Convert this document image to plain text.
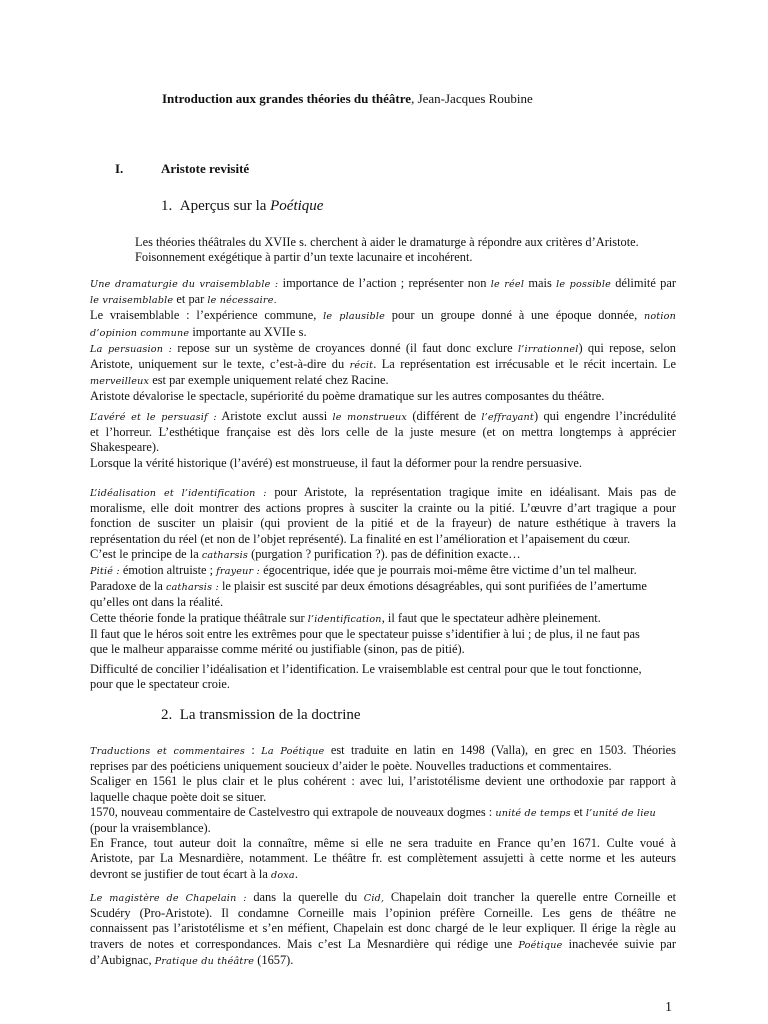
Introduction aux grandes théories du théâtre, Jean-Jacques Roubine
I.	Aristote revisité
1. Aperçus sur la Poétique
Les théories théâtrales du XVIIe s. cherchent à aider le dramaturge à répondre aux critères d’Aristote.
Foisonnement exégétique à partir d’un texte lacunaire et incohérent.
Une dramaturgie du vraisemblable : importance de l’action ; représenter non le réel mais le possible délimité par
le vraisemblable et par le nécessaire.
Le vraisemblable : l’expérience commune, le plausible pour un groupe donné à une époque donnée, notion
d’opinion commune importante au XVIIe s.
La persuasion : repose sur un système de croyances donné (il faut donc exclure l’irrationnel) qui repose, selon
Aristote, uniquement sur le texte, c’est-à-dire du récit. La représentation est irrécusable et le récit incertain. Le
merveilleux est par exemple uniquement relaté chez Racine.
Aristote dévalorise le spectacle, supériorité du poème dramatique sur les autres composantes du théâtre.
L’avéré et le persuasif : Aristote exclut aussi le monstrueux (différent de l’effrayant) qui engendre l’incrédulité
et l’horreur. L’esthétique française est dès lors celle de la juste mesure (et on mettra longtemps à apprécier
Shakespeare).
Lorsque la vérité historique (l’avéré) est monstrueuse, il faut la déformer pour la rendre persuasive.
L’idéalisation et l’identification : pour Aristote, la représentation tragique imite en idéalisant. Mais pas de
moralisme, elle doit montrer des actions propres à susciter la crainte ou la pitié. L’œuvre d’art tragique a pour
fonction de susciter un plaisir (qui provient de la pitié et de la frayeur) de nature esthétique à travers la
représentation du réel (et non de l’objet représenté). La finalité en est l’amélioration et l’apaisement du cœur.
C’est le principe de la catharsis (purgation ? purification ?). pas de définition exacte…
Pitié : émotion altruiste ; frayeur : égocentrique, idée que je pourrais moi-même être victime d’un tel malheur.
Paradoxe de la catharsis : le plaisir est suscité par deux émotions désagréables, qui sont purifiées de l’amertume
qu’elles ont dans la réalité.
Cette théorie fonde la pratique théâtrale sur l’identification, il faut que le spectateur adhère pleinement.
Il faut que le héros soit entre les extrêmes pour que le spectateur puisse s’identifier à lui ; de plus, il ne faut pas
que le malheur apparaisse comme mérité ou justifiable (sinon, pas de pitié).
Difficulté de concilier l’idéalisation et l’identification. Le vraisemblable est central pour que le tout fonctionne,
pour que le spectateur croie.
2. La transmission de la doctrine
Traductions et commentaires : La Poétique est traduite en latin en 1498 (Valla), en grec en 1503. Théories
reprises par des poéticiens uniquement soucieux d’aider le poète. Nouvelles traductions et commentaires.
Scaliger en 1561 le plus clair et le plus cohérent : avec lui, l’aristotélisme devient une orthodoxie par rapport à
laquelle chaque poète doit se situer.
1570, nouveau commentaire de Castelvestro qui extrapole de nouveaux dogmes : unité de temps et l’unité de lieu
(pour la vraisemblance).
En France, tout auteur doit la connaître, même si elle ne sera traduite en France qu’en 1671. Culte voué à
Aristote, par La Mesnardière, notamment. Le théâtre fr. est complètement assujetti à cette norme et les auteurs
devront se justifier de tout écart à la doxa.
Le magistère de Chapelain : dans la querelle du Cid, Chapelain doit trancher la querelle entre Corneille et
Scudéry (Pro-Aristote). Il condamne Corneille mais l’opinion préfère Corneille. Les gens de théâtre ne
connaissent pas l’aristotélisme et s’en méfient, Chapelain est donc chargé de le leur expliquer. Il érige la règle au
travers de notes et correspondances. Mais c’est La Mesnardière qui rédige une Poétique inachevée suivie par
d’Aubignac, Pratique du théâtre (1657).
1
